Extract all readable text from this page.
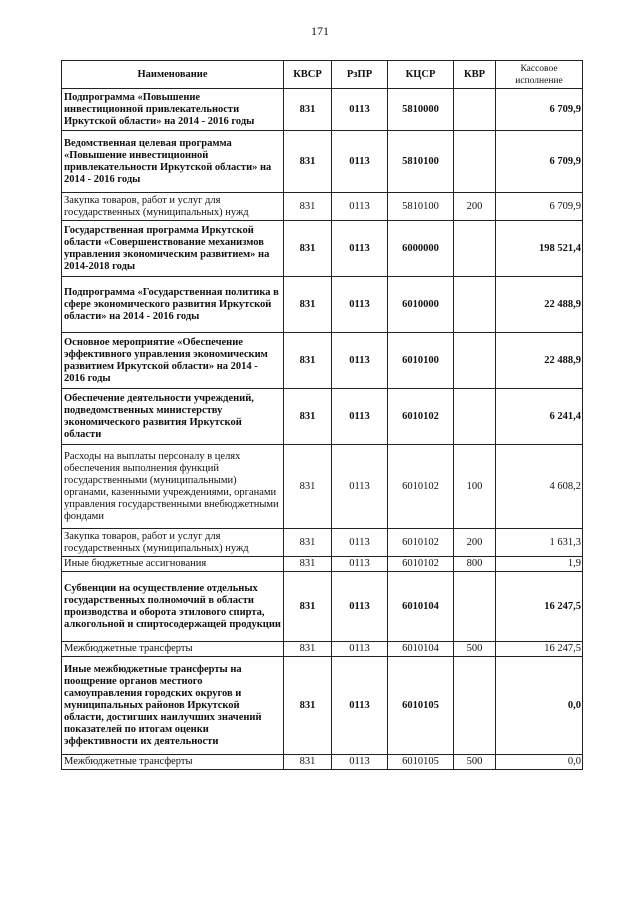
171
Наименование	КВСР	РзПР	КЦСР	КВР	Кассовое исполнение
Подпрограмма «Повышение инвестиционной привлекательности Иркутской области» на 2014 - 2016 годы	831	0113	5810000		6 709,9
Ведомственная целевая программа «Повышение инвестиционной привлекательности Иркутской области» на 2014 - 2016 годы	831	0113	5810100		6 709,9
Закупка товаров, работ и услуг для государственных (муниципальных) нужд	831	0113	5810100	200	6 709,9
Государственная программа Иркутской области «Совершенствование механизмов управления экономическим развитием» на 2014-2018 годы	831	0113	6000000		198 521,4
Подпрограмма «Государственная политика в сфере экономического развития Иркутской области» на 2014 - 2016 годы	831	0113	6010000		22 488,9
Основное мероприятие «Обеспечение эффективного управления экономическим развитием Иркутской области» на 2014 - 2016 годы	831	0113	6010100		22 488,9
Обеспечение деятельности учреждений, подведомственных министерству экономического развития Иркутской области	831	0113	6010102		6 241,4
Расходы на выплаты персоналу в целях обеспечения выполнения функций государственными (муниципальными) органами, казенными учреждениями, органами управления государственными внебюджетными фондами	831	0113	6010102	100	4 608,2
Закупка товаров, работ и услуг для государственных (муниципальных) нужд	831	0113	6010102	200	1 631,3
Иные бюджетные ассигнования	831	0113	6010102	800	1,9
Субвенции на осуществление отдельных государственных полномочий в области производства и оборота этилового спирта, алкогольной и спиртосодержащей продукции	831	0113	6010104		16 247,5
Межбюджетные трансферты	831	0113	6010104	500	16 247,5
Иные межбюджетные трансферты на поощрение органов местного самоуправления городских округов и муниципальных районов Иркутской области, достигших наилучших значений показателей по итогам оценки эффективности их деятельности	831	0113	6010105		0,0
Межбюджетные трансферты	831	0113	6010105	500	0,0
